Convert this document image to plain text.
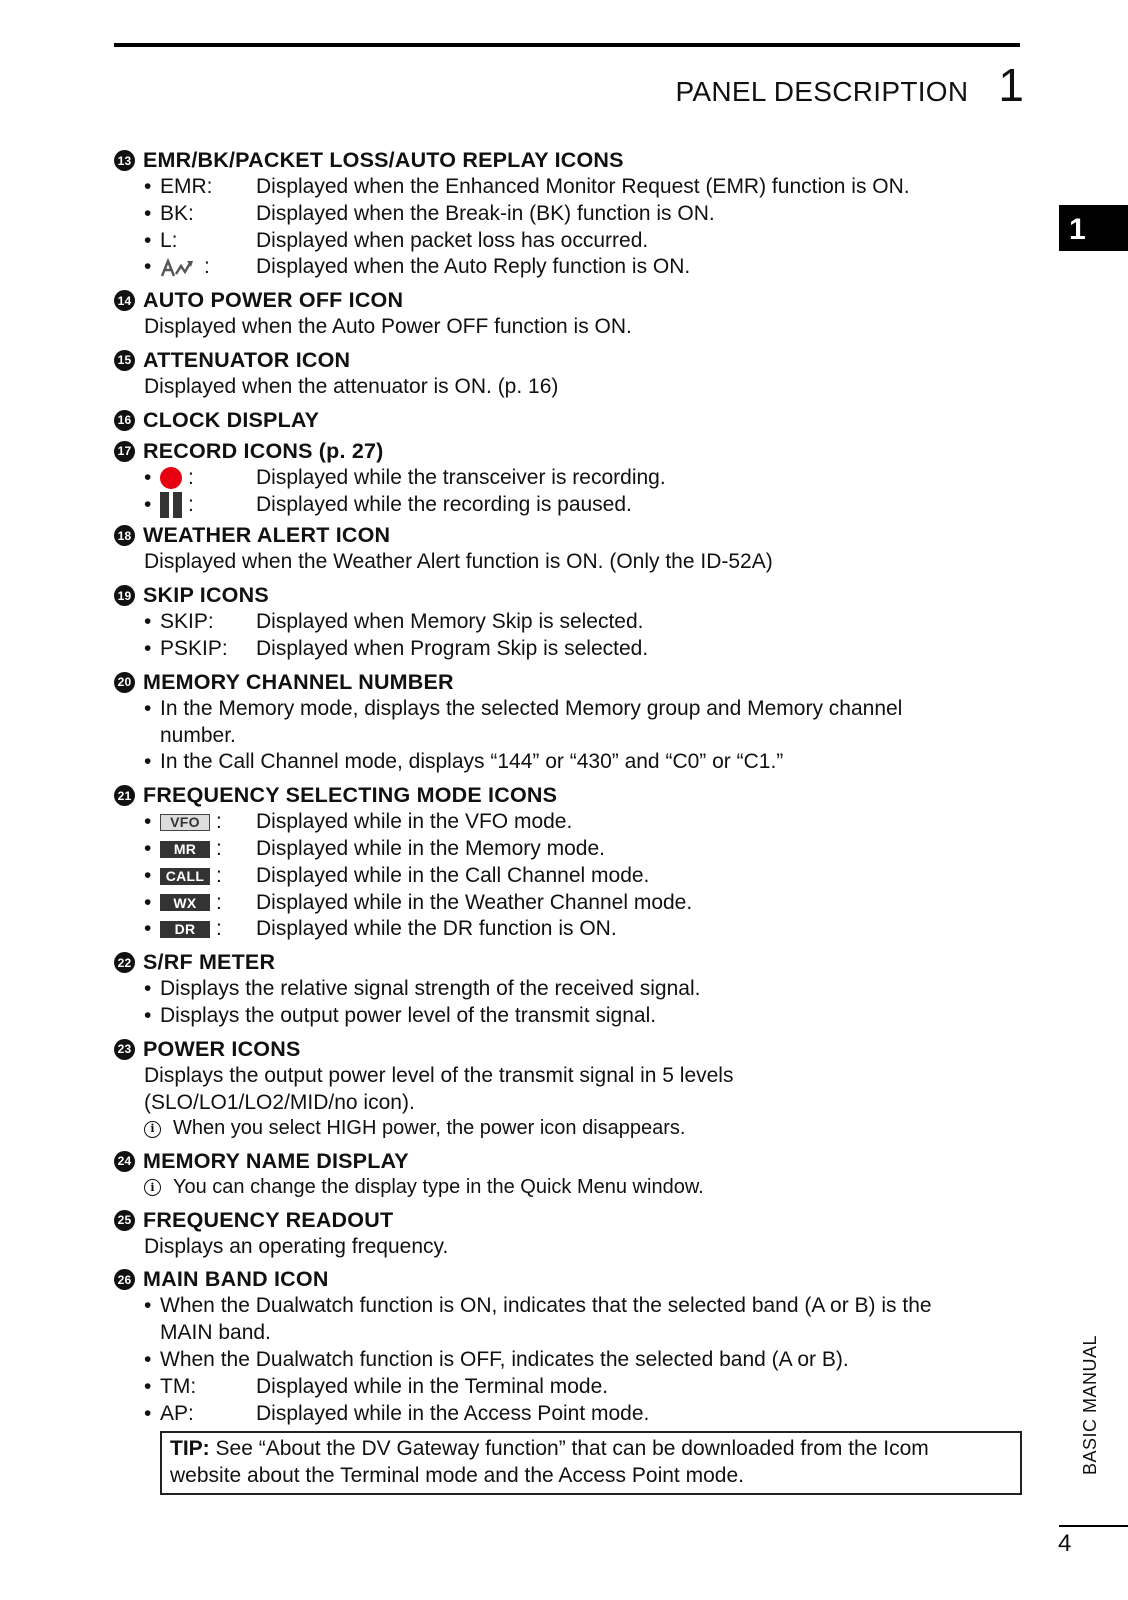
PANEL DESCRIPTION 1
1
BASIC MANUAL
4
13 EMR/BK/PACKET LOSS/AUTO REPLAY ICONS
• EMR:	Displayed when the Enhanced Monitor Request (EMR) function is ON.
• BK:	Displayed when the Break-in (BK) function is ON.
• L:	Displayed when packet loss has occurred.
•	: Displayed when the Auto Reply function is ON.
14 AUTO POWER OFF ICON
Displayed when the Auto Power OFF function is ON.
15 ATTENUATOR ICON
Displayed when the attenuator is ON. (p. 16)
16 CLOCK DISPLAY
17 RECORD ICONS (p. 27)
•	:	Displayed while the transceiver is recording.
•	:	Displayed while the recording is paused.
18 WEATHER ALERT ICON
Displayed when the Weather Alert function is ON. (Only the ID-52A)
19 SKIP ICONS
• SKIP:	Displayed when Memory Skip is selected.
• PSKIP:	Displayed when Program Skip is selected.
20 MEMORY CHANNEL NUMBER
• In the Memory mode, displays the selected Memory group and Memory channel
number.
• In the Call Channel mode, displays “144” or “430” and “C0” or “C1.”
21 FREQUENCY SELECTING MODE ICONS
•	VFO : Displayed while in the VFO mode.
•	MR : Displayed while in the Memory mode.
•	CALL : Displayed while in the Call Channel mode.
•	WX : Displayed while in the Weather Channel mode.
•	DR : Displayed while the DR function is ON.
22 S/RF METER
• Displays the relative signal strength of the received signal.
• Displays the output power level of the transmit signal.
23 POWER ICONS
Displays the output power level of the transmit signal in 5 levels
(SLO/LO1/LO2/MID/no icon).
i When you select HIGH power, the power icon disappears.
24 MEMORY NAME DISPLAY
i You can change the display type in the Quick Menu window.
25 FREQUENCY READOUT
Displays an operating frequency.
26 MAIN BAND ICON
• When the Dualwatch function is ON, indicates that the selected band (A or B) is the
MAIN band.
• When the Dualwatch function is OFF, indicates the selected band (A or B).
• TM:	Displayed while in the Terminal mode.
• AP:	Displayed while in the Access Point mode.
TIP: See “About the DV Gateway function” that can be downloaded from the Icom
website about the Terminal mode and the Access Point mode.
